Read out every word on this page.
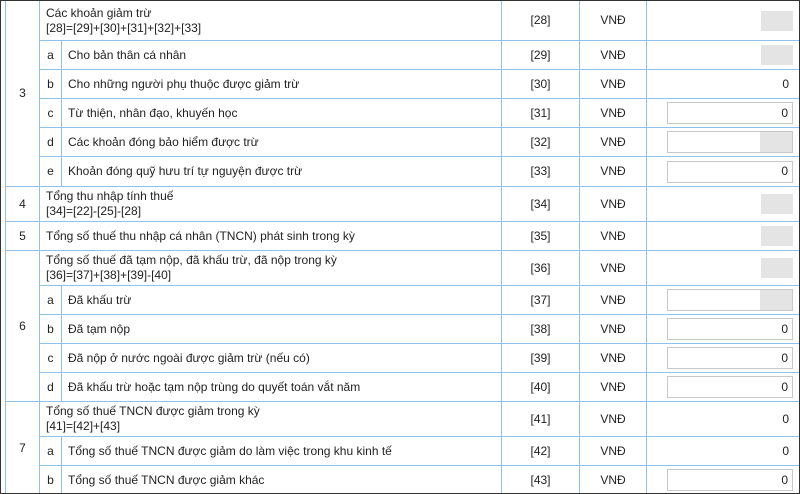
3	Các khoản giảm trừ
[28]=[29]+[30]+[31]+[32]+[33]		[28]	VNĐ	

	a	Cho bản thân cá nhân	[29]	VNĐ	

	b	Cho những người phụ thuộc được giảm trừ	[30]	VNĐ	0

	c	Từ thiện, nhân đạo, khuyến học	[31]	VNĐ	0

	d	Các khoản đóng bảo hiểm được trừ	[32]	VNĐ	

	e	Khoản đóng quỹ hưu trí tự nguyện được trừ	[33]	VNĐ	0

4	Tổng thu nhập tính thuế
[34]=[22]-[25]-[28]		[34]	VNĐ	

5	Tổng số thuế thu nhập cá nhân (TNCN) phát sinh trong kỳ		[35]	VNĐ	

6	Tổng số thuế đã tạm nộp, đã khấu trừ, đã nộp trong kỳ
[36]=[37]+[38]+[39]-[40]		[36]	VNĐ	

	a	Đã khấu trừ	[37]	VNĐ	

	b	Đã tạm nộp	[38]	VNĐ	0

	c	Đã nộp ở nước ngoài được giảm trừ (nếu có)	[39]	VNĐ	0

	d	Đã khấu trừ hoặc tạm nộp trùng do quyết toán vắt năm	[40]	VNĐ	0

7	Tổng số thuế TNCN được giảm trong kỳ
[41]=[42]+[43]		[41]	VNĐ	0

	a	Tổng số thuế TNCN được giảm do làm việc trong khu kinh tế	[42]	VNĐ	0

	b	Tổng số thuế TNCN được giảm khác	[43]	VNĐ	0
